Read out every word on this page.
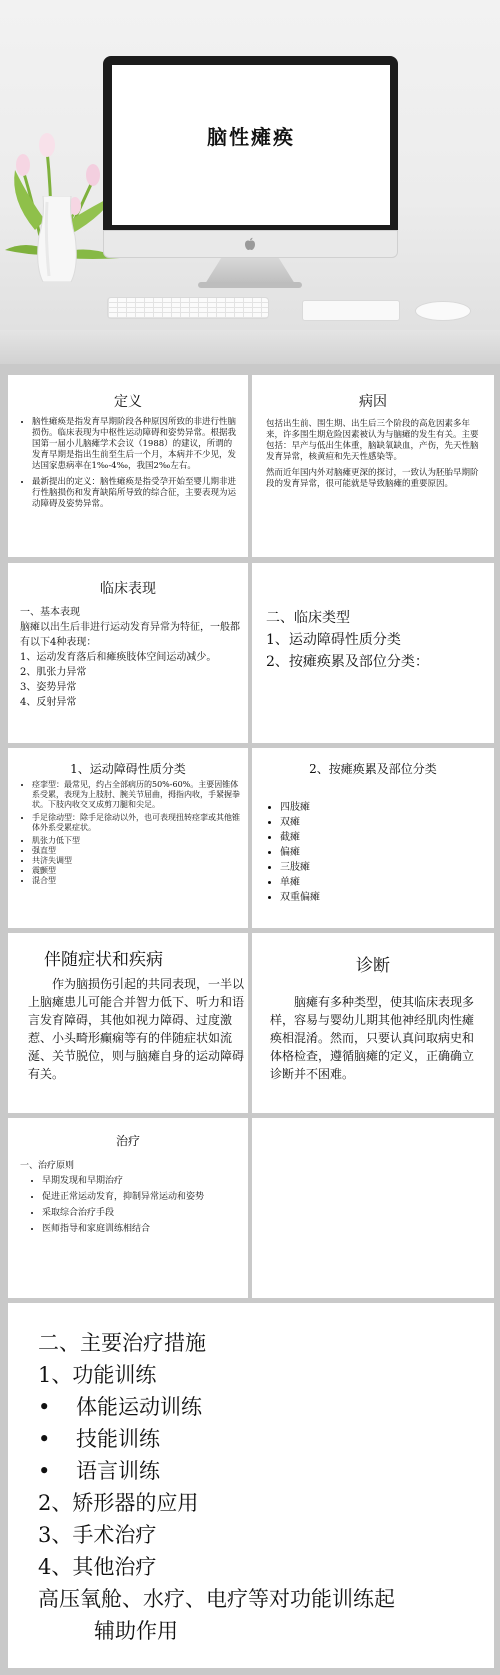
脑性瘫痪
定义
• 脑性瘫痪是指发育早期阶段各种原因所致的非进行性脑损伤。临床表现为中枢性运动障碍和姿势异常。根据我国第一届小儿脑瘫学术会议（1988）的建议，所谓的发育早期是指出生前至生后一个月，本病并不少见，发达国家患病率在1‰-4‰，我国2‰左右。
• 最新提出的定义：脑性瘫痪是指受孕开始至婴儿期非进行性脑损伤和发育缺陷所导致的综合征，主要表现为运动障碍及姿势异常。
病因

包括出生前、围生期、出生后三个阶段的高危因素多年来，许多围生期危险因素被认为与脑瘫的发生有关。主要包括：早产与低出生体重，脑缺氧缺血，产伤，先天性脑发育异常，核黄疸和先天性感染等。

然而近年国内外对脑瘫更深的探讨，一致认为胚胎早期阶段的发育异常，很可能就是导致脑瘫的重要原因。

临床表现
一、基本表现
脑瘫以出生后非进行运动发育异常为特征，一般都有以下4种表现：
1、运动发育落后和瘫痪肢体空间运动减少。
2、肌张力异常
3、姿势异常
4、反射异常
二、临床类型
1、运动障碍性质分类
2、按瘫痪累及部位分类：
1、运动障碍性质分类
• 痉挛型：最常见，约占全部病历的50%-60%。主要因锥体系受累，表现为上肢肘、腕关节屈曲，拇指内收，手紧握拳状。下肢内收交叉成剪刀腿和尖足。
• 手足徐动型：除手足徐动以外，也可表现扭转痉挛或其他锥体外系受累症状。
• 肌张力低下型
• 强直型
• 共济失调型
• 震颤型
• 混合型
2、按瘫痪累及部位分类
• 四肢瘫
• 双瘫
• 截瘫
• 偏瘫
• 三肢瘫
• 单瘫
• 双重偏瘫
伴随症状和疾病
作为脑损伤引起的共同表现，一半以上脑瘫患儿可能合并智力低下、听力和语言发育障碍，其他如视力障碍、过度激惹、小头畸形癫痫等有的伴随症状如流涎、关节脱位，则与脑瘫自身的运动障碍有关。
诊断
脑瘫有多种类型，使其临床表现多样，容易与婴幼儿期其他神经肌肉性瘫痪相混淆。然而，只要认真问取病史和体格检查，遵循脑瘫的定义，正确确立诊断并不困难。
治疗
一、治疗原则
• 早期发现和早期治疗
• 促进正常运动发育，抑制异常运动和姿势
• 采取综合治疗手段
• 医师指导和家庭训练相结合
二、主要治疗措施
1、功能训练
• 体能运动训练
• 技能训练
• 语言训练
2、矫形器的应用
3、手术治疗
4、其他治疗
高压氧舱、水疗、电疗等对功能训练起
辅助作用
